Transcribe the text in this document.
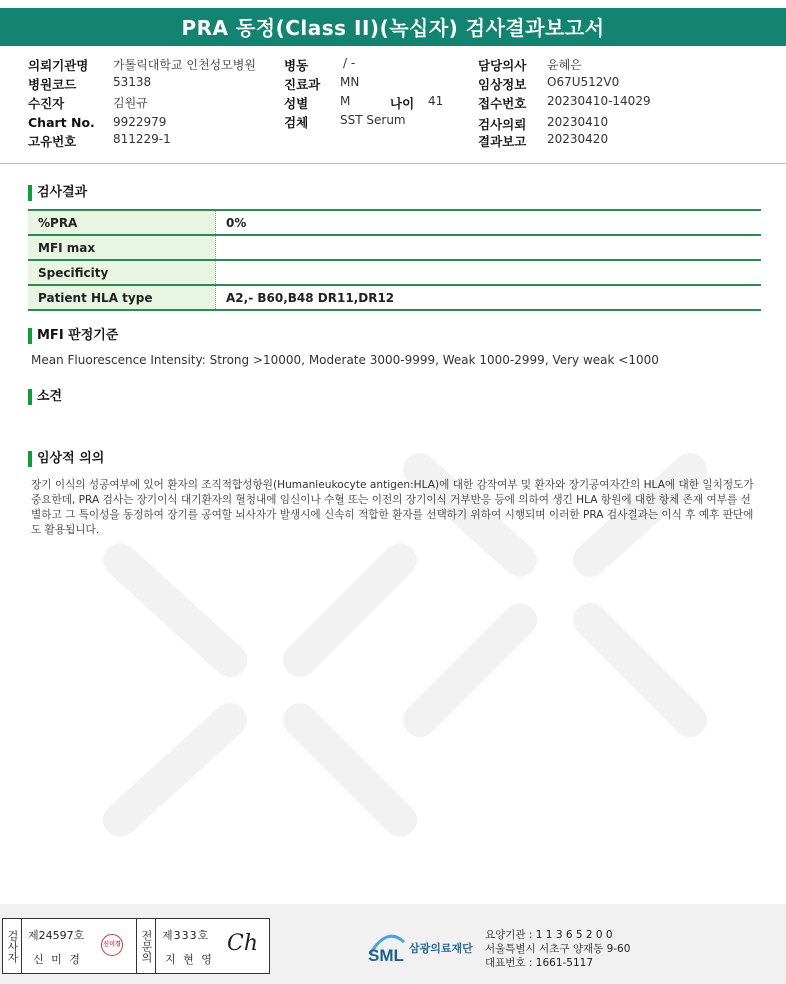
PRA 동정(Class II)(녹십자) 검사결과보고서
의뢰기관명 가톨릭대학교 인천성모병원
병원코드	53138
수진자	김원규
Chart No. 9922979
고유번호	811229-1
병동	/ -
진료과 MN
성별	M	나이 41
검체	SST Serum
담당의사 윤혜은
임상정보 O67U512V0
접수번호 20230410-14029
검사의뢰 20230410
결과보고 20230420
검사결과
%PRA	0%
MFI max	
Specificity	
Patient HLA type	A2,- B60,B48 DR11,DR12
MFI 판정기준
Mean Fluorescence Intensity: Strong >10000, Moderate 3000-9999, Weak 1000-2999, Very weak <1000
소견
임상적 의의
장기 이식의 성공여부에 있어 환자의 조직적합성항원(Humanleukocyte antigen:HLA)에 대한 감작여부 및 환자와 장기공여자간의 HLA에 대한 일치정도가 중요한데, PRA 검사는 장기이식 대기환자의 혈청내에 임신이나 수혈 또는 이전의 장기이식 거부반응 등에 의하여 생긴 HLA 항원에 대한 항체 존재 여부를 선별하고 그 특이성을 동정하여 장기를 공여할 뇌사자가 발생시에 신속히 적합한 환자를 선택하기 위하여 시행되며 이러한 PRA 검사결과는 이식 후 예후 판단에도 활용됩니다.
검사자 제24597호
신 미 경
신미경	전문의 제333호
지 현 영
Ch	SML 삼광의료재단
요양기관 : 1 1 3 6 5 2 0 0
서울특별시 서초구 양재동 9-60
대표번호 : 1661-5117
